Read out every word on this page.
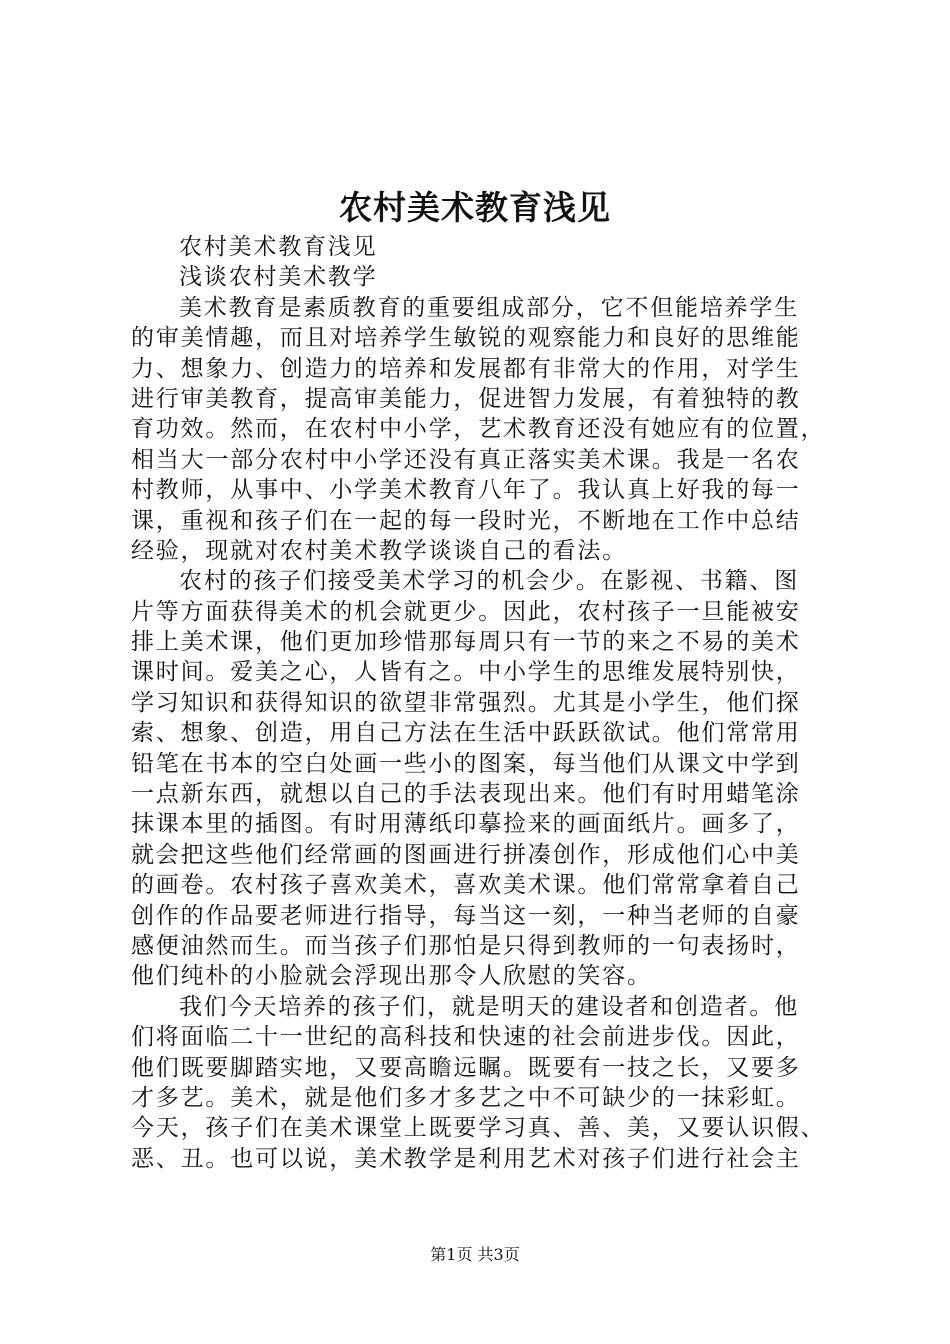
农村美术教育浅见
农村美术教育浅见
浅谈农村美术教学
美术教育是素质教育的重要组成部分，它不但能培养学生
的审美情趣，而且对培养学生敏锐的观察能力和良好的思维能
力、想象力、创造力的培养和发展都有非常大的作用，对学生
进行审美教育，提高审美能力，促进智力发展，有着独特的教
育功效。然而，在农村中小学，艺术教育还没有她应有的位置，
相当大一部分农村中小学还没有真正落实美术课。我是一名农
村教师，从事中、小学美术教育八年了。我认真上好我的每一
课，重视和孩子们在一起的每一段时光，不断地在工作中总结
经验，现就对农村美术教学谈谈自己的看法。
农村的孩子们接受美术学习的机会少。在影视、书籍、图
片等方面获得美术的机会就更少。因此，农村孩子一旦能被安
排上美术课，他们更加珍惜那每周只有一节的来之不易的美术
课时间。爱美之心，人皆有之。中小学生的思维发展特别快，
学习知识和获得知识的欲望非常强烈。尤其是小学生，他们探
索、想象、创造，用自己方法在生活中跃跃欲试。他们常常用
铅笔在书本的空白处画一些小的图案，每当他们从课文中学到
一点新东西，就想以自己的手法表现出来。他们有时用蜡笔涂
抹课本里的插图。有时用薄纸印摹捡来的画面纸片。画多了，
就会把这些他们经常画的图画进行拼凑创作，形成他们心中美
的画卷。农村孩子喜欢美术，喜欢美术课。他们常常拿着自己
创作的作品要老师进行指导，每当这一刻，一种当老师的自豪
感便油然而生。而当孩子们那怕是只得到教师的一句表扬时，
他们纯朴的小脸就会浮现出那令人欣慰的笑容。
我们今天培养的孩子们，就是明天的建设者和创造者。他
们将面临二十一世纪的高科技和快速的社会前进步伐。因此，
他们既要脚踏实地，又要高瞻远瞩。既要有一技之长，又要多
才多艺。美术，就是他们多才多艺之中不可缺少的一抹彩虹。
今天，孩子们在美术课堂上既要学习真、善、美，又要认识假、
恶、丑。也可以说，美术教学是利用艺术对孩子们进行社会主
第1页 共3页
